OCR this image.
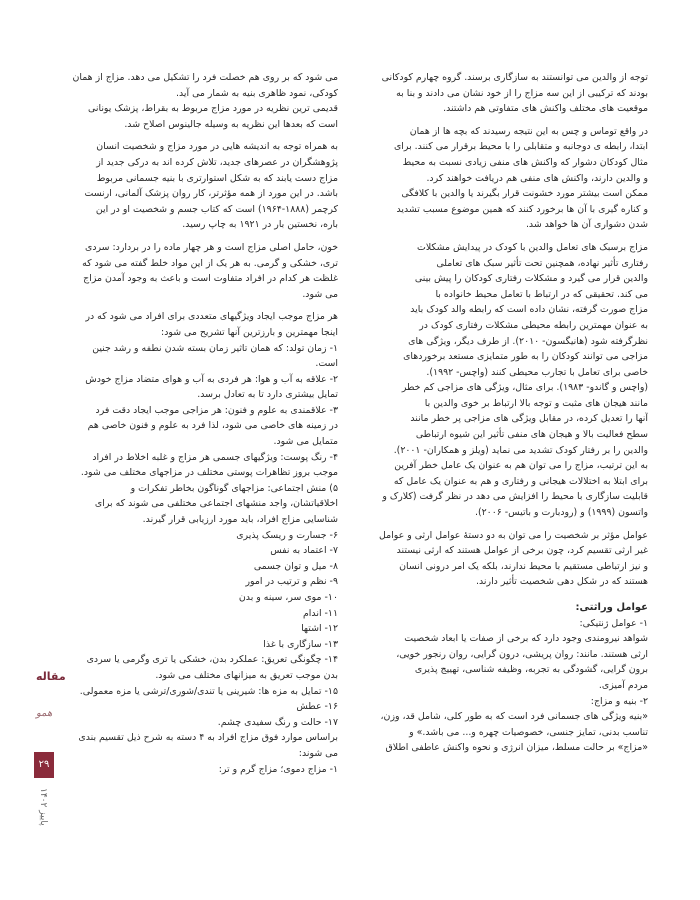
توجه از والدین می توانستند به سازگاری برسند. گروه چهارم کودکانی
بودند که ترکیبی از این سه مزاج را از خود نشان می دادند و بنا به
موقعیت های مختلف واکنش های متفاوتی هم داشتند.
در واقع توماس و چس به این نتیجه رسیدند که بچه ها از همان
ابتدا، رابطه ی دوجانبه و متقابلی را با محیط برقرار می کنند. برای
مثال کودکان دشوار که واکنش های منفی زیادی نسبت به محیط
و والدین دارند، واکنش های منفی هم دریافت خواهند کرد.
ممکن است بیشتر مورد خشونت قرار بگیرند یا والدین با کلافگی
و کناره گیری با آن ها برخورد کنند که همین موضوع مسبب تشدید
شدن دشواری آن ها خواهد شد.
مزاج برسبک های تعامل والدین با کودک در پیدایش مشکلات
رفتاری تأثیر نهاده، همچنین تحت تأثیر سبک های تعاملی
والدین قرار می گیرد و مشکلات رفتاری کودکان را پیش بینی
می کند. تحقیقی که در ارتباط با تعامل محیط خانواده با
مزاج صورت گرفته، نشان داده است که رابطه والد کودک باید
به عنوان مهمترین رابطه محیطی مشکلات رفتاری کودک در
نظرگرفته شود (هانیگسون- ۲۰۱۰). از طرف دیگر، ویژگی های
مزاجی می توانند کودکان را به طور متمایزی مستعد برخوردهای
خاصی برای تعامل با تجارب محیطی کنند (واچس- ۱۹۹۲).
(واچس و گاندو- ۱۹۸۳). برای مثال، ویژگی های مزاجی کم خطر
مانند هیجان های مثبت و توجه بالا ارتباط بر خوی والدین با
آنها را تعدیل کرده، در مقابل ویژگی های مزاجی پر خطر مانند
سطح فعالیت بالا و هیجان های منفی تأثیر این شیوه ارتباطی
والدین را بر رفتار کودک تشدید می نماید (ویلز و همکاران- ۲۰۰۱).
به این ترتیب، مزاج را می توان هم به عنوان یک عامل خطر آفرین
برای ابتلا به اختلالات هیجانی و رفتاری و هم به عنوان یک عامل که
قابلیت سازگاری با محیط را افزایش می دهد در نظر گرفت (کلارک و
واتسون (۱۹۹۹) و (رودبارت و باتیس- ۲۰۰۶).
عوامل مؤثر بر شخصیت را می توان به دو دستهٔ عوامل ارثی و عوامل
غیر ارثی تقسیم کرد، چون برخی از عوامل هستند که ارثی نیستند
و نیز ارتباطی مستقیم با محیط ندارند، بلکه یک امر درونی انسان
هستند که در شکل دهی شخصیت تأثیر دارند.
عوامل وراثتی:
۱- عوامل ژنتیکی:
شواهد نیرومندی وجود دارد که برخی از صفات یا ابعاد شخصیت
ارثی هستند. مانند: روان پریشی، درون گرایی، روان رنجور خویی،
برون گرایی، گشودگی به تجربه، وظیفه شناسی، تهییج پذیری
مردم آمیزی.
۲- بنیه و مزاج:
«بنیه ویژگی های جسمانی فرد است که به طور کلی، شامل قد، وزن،
تناسب بدنی، تمایز جنسی، خصوصیات چهره و... می باشد.» و
«مزاج» بر حالت مسلط، میزان انرژی و نحوه واکنش عاطفی اطلاق
می شود که بر روی هم خصلت فرد را تشکیل می دهد. مزاج از همان
کودکی، نمود ظاهری بنیه به شمار می آید.
قدیمی ترین نظریه در مورد مزاج مربوط به بقراط، پزشک یونانی
است که بعدها این نظریه به وسیله جالینوس اصلاح شد.
به همراه توجه به اندیشه هایی در مورد مزاج و شخصیت انسان
پژوهشگران در عصرهای جدید، تلاش کرده اند به درکی جدید از
مزاج دست یابند که به شکل استوارتری با بنیه جسمانی مربوط
باشد. در این مورد از همه مؤثرتر، کار روان پزشک آلمانی، ارنست
کرچمر (۱۸۸۸-۱۹۶۴) است که کتاب جسم و شخصیت او در این
باره، نخستین بار در ۱۹۲۱ به چاپ رسید.
خون، حامل اصلی مزاج است و هر چهار ماده را در بردارد: سردی
تری، خشکی و گرمی. به هر یک از این مواد خلط گفته می شود که
غلظت هر کدام در افراد متفاوت است و باعث به وجود آمدن مزاج
می شود.
هر مزاج موجب ایجاد ویژگیهای متعددی برای افراد می شود که در
اینجا مهمترین و بارزترین آنها تشریح می شود:
۱- زمان تولد: که همان تاثیر زمان بسته شدن نطفه و رشد جنین
است.
۲- علاقه به آب و هوا: هر فردی به آب و هوای متضاد مزاج خودش
تمایل بیشتری دارد تا به تعادل برسد.
۳- علاقمندی به علوم و فنون: هر مزاجی موجب ایجاد دقت فرد
در زمینه های خاصی می شود، لذا فرد به علوم و فنون خاصی هم
متمایل می شود.
۴- رنگ پوست: ویژگیهای جسمی هر مزاج و غلبه اخلاط در افراد
موجب بروز تظاهرات پوستی مختلف در مزاجهای مختلف می شود.
۵) منش اجتماعی: مزاجهای گوناگون بخاطر تفکرات و
اخلاقیاتشان، واجد منشهای اجتماعی مختلفی می شوند که برای
شناسایی مزاج افراد، باید مورد ارزیابی قرار گیرند.
۶- جسارت و ریسک پذیری
۷- اعتماد به نفس
۸- میل و توان جسمی
۹- نظم و ترتیب در امور
۱۰- موی سر، سینه و بدن
۱۱- اندام
۱۲- اشتها
۱۳- سازگاری با غذا
۱۴- چگونگی تعریق: عملکرد بدن، خشکی یا تری وگرمی یا سردی
بدن موجب تعریق به میزانهای مختلف می شود.
۱۵- تمایل به مزه ها: شیرینی یا تندی/شوری/ترشی یا مزه معمولی.
۱۶- عطش
۱۷- حالت و رنگ سفیدی چشم.
براساس موارد فوق مزاج افراد به ۴ دسته به شرح ذیل تقسیم بندی
می شوند:
۱- مزاج دموی؛ مزاج گرم و تر:
مقاله
همو
۲۹
پاییز ۱۴۰۲
